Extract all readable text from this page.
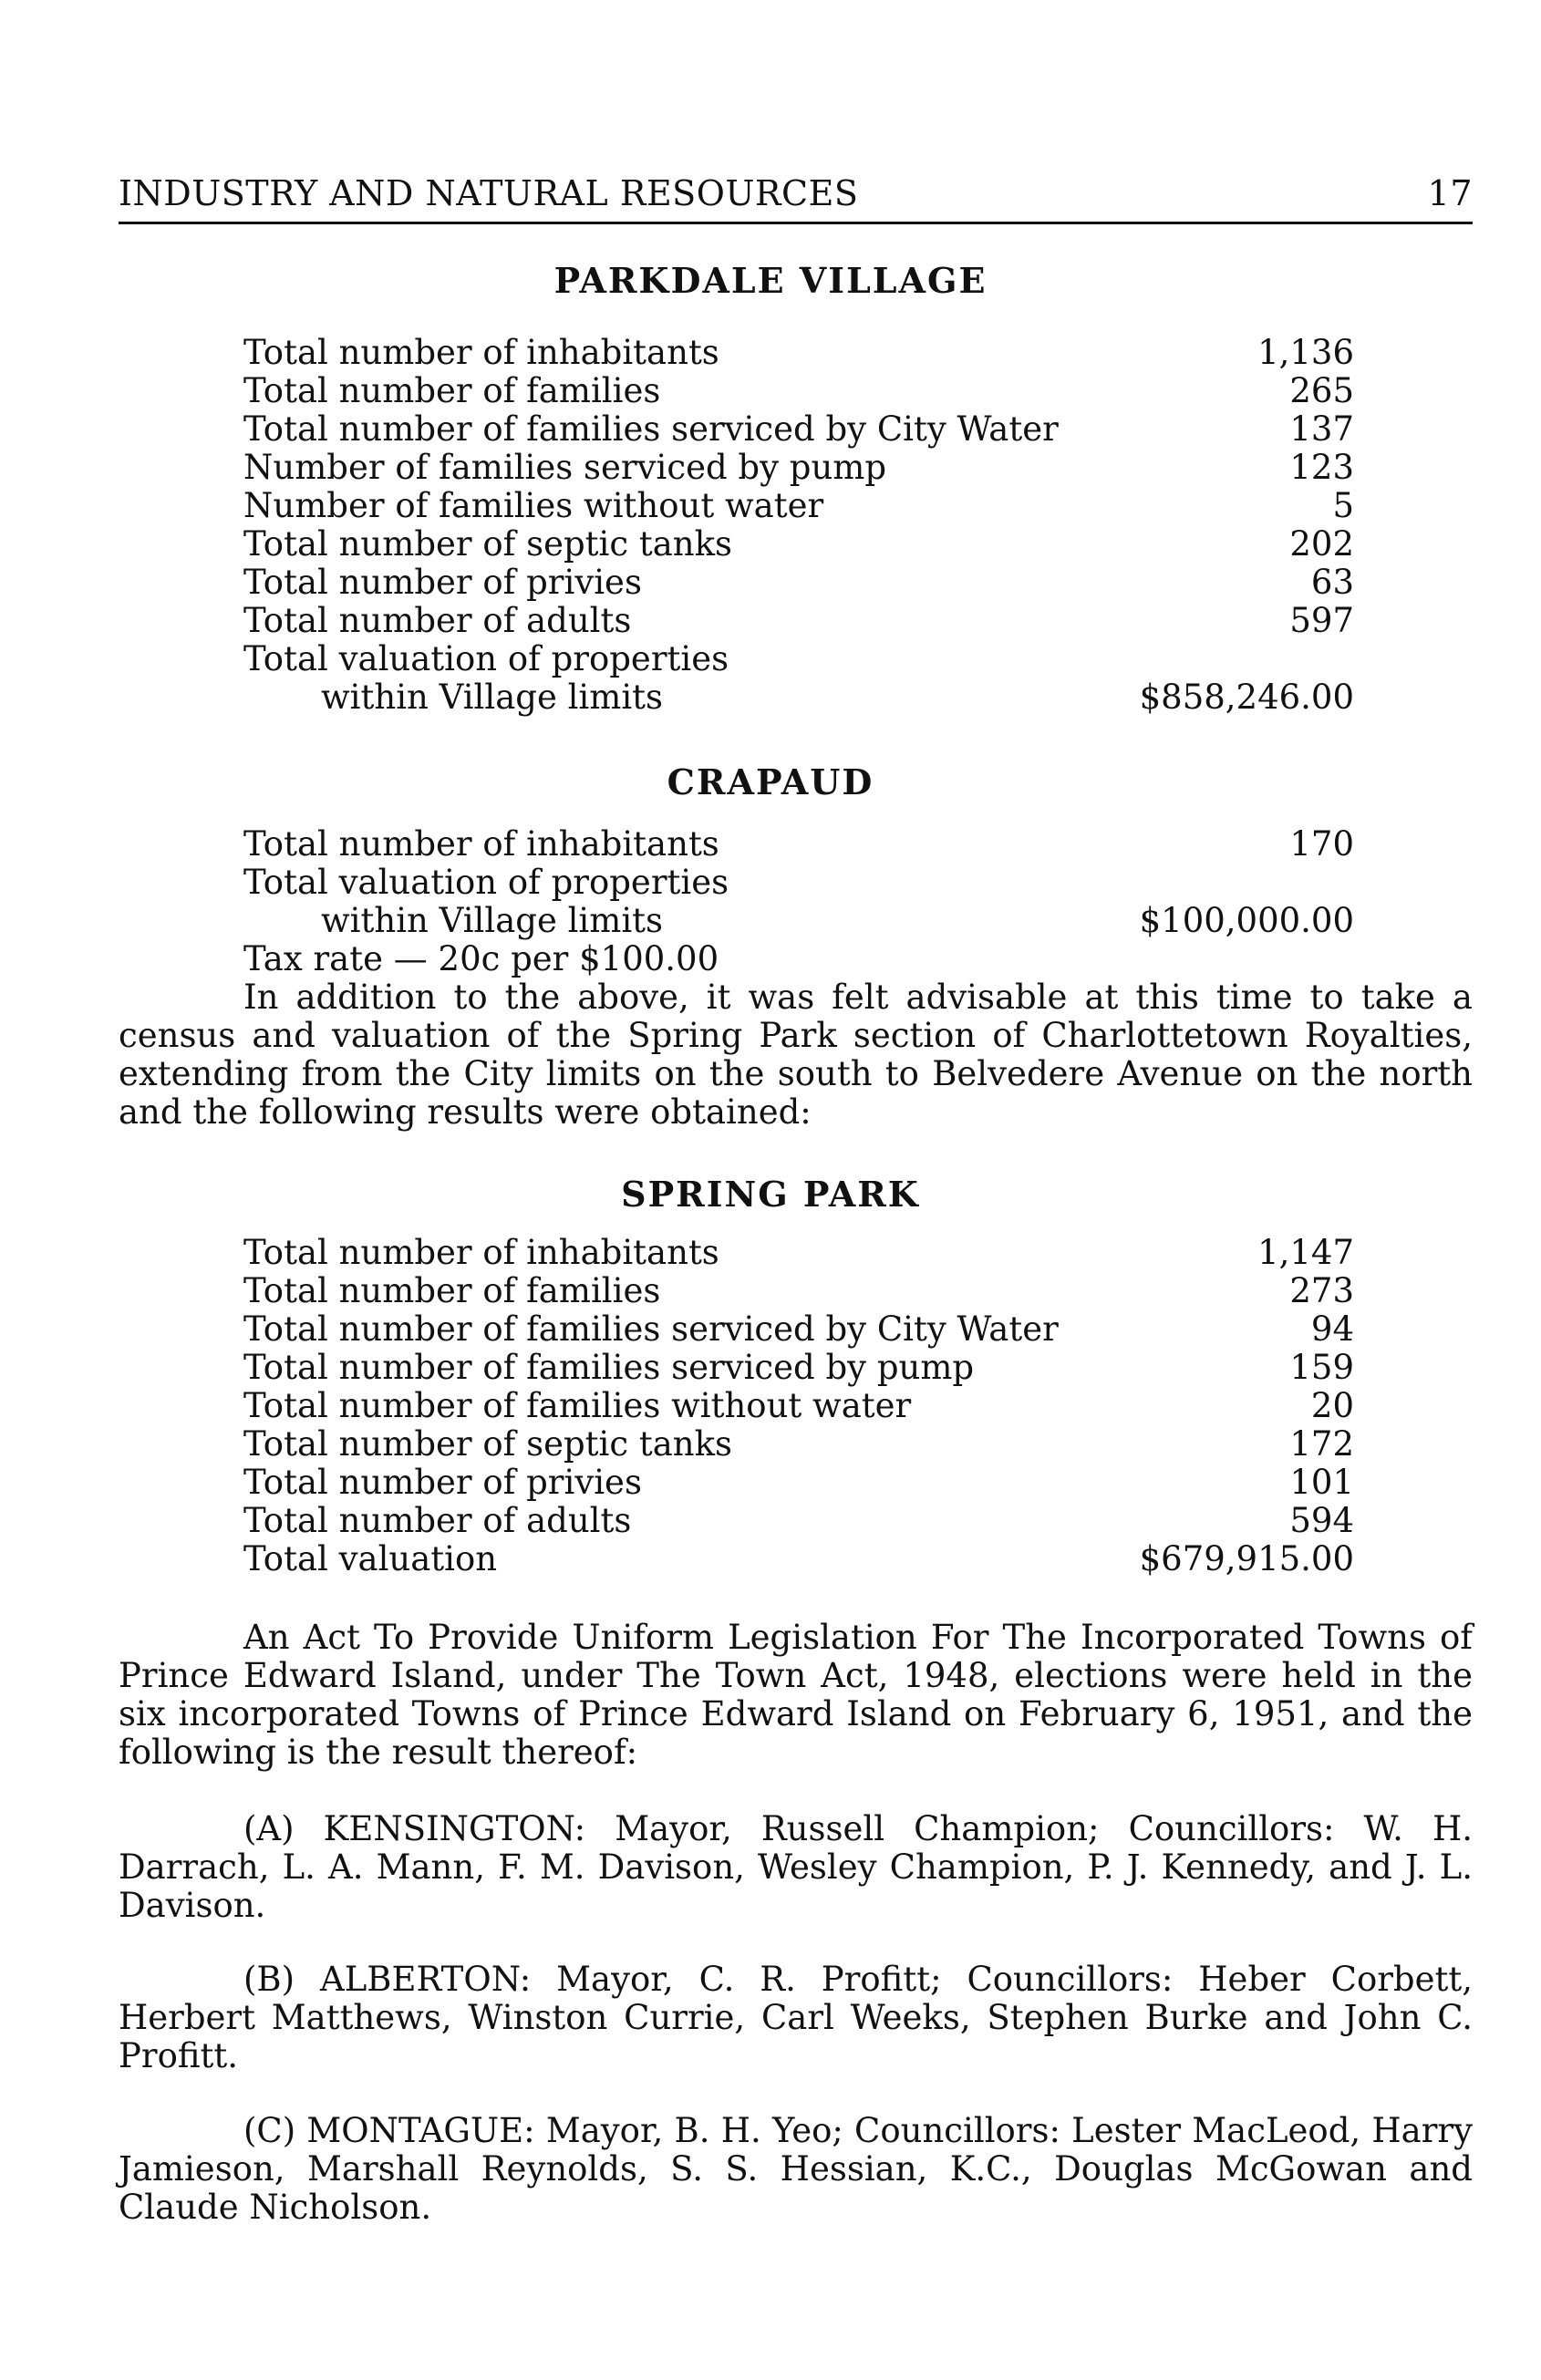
INDUSTRY AND NATURAL RESOURCES	17
PARKDALE VILLAGE
Total number of inhabitants	1,136
Total number of families	265
Total number of families serviced by City Water	137
Number of families serviced by pump	123
Number of families without water	5
Total number of septic tanks	202
Total number of privies	63
Total number of adults	597
Total valuation of properties
within Village limits	$858,246.00
CRAPAUD
Total number of inhabitants	170
Total valuation of properties
within Village limits	$100,000.00
Tax rate — 20c per $100.00

In addition to the above, it was felt advisable at this time to take a census and valuation of the Spring Park section of Charlottetown Royalties, extending from the City limits on the south to Belvedere Avenue on the north and the following results were obtained:

SPRING PARK
Total number of inhabitants	1,147
Total number of families	273
Total number of families serviced by City Water	94
Total number of families serviced by pump	159
Total number of families without water	20
Total number of septic tanks	172
Total number of privies	101
Total number of adults	594
Total valuation	$679,915.00

An Act To Provide Uniform Legislation For The Incorporated Towns of Prince Edward Island, under The Town Act, 1948, elections were held in the six incorporated Towns of Prince Edward Island on February 6, 1951, and the following is the result thereof:

(A) KENSINGTON: Mayor, Russell Champion; Councillors: W. H. Darrach, L. A. Mann, F. M. Davison, Wesley Champion, P. J. Kennedy, and J. L. Davison.

(B) ALBERTON: Mayor, C. R. Profitt; Councillors: Heber Corbett, Herbert Matthews, Winston Currie, Carl Weeks, Stephen Burke and John C. Profitt.

(C) MONTAGUE: Mayor, B. H. Yeo; Councillors: Lester MacLeod, Harry Jamieson, Marshall Reynolds, S. S. Hessian, K.C., Douglas McGowan and Claude Nicholson.
